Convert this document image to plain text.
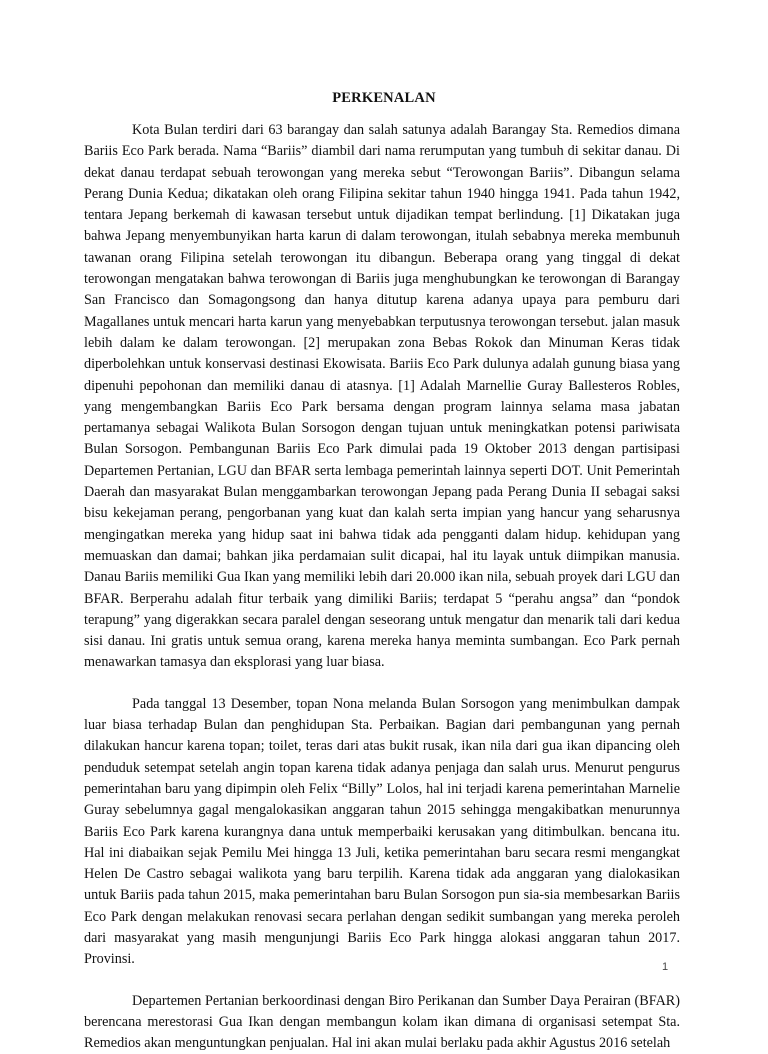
PERKENALAN

Kota Bulan terdiri dari 63 barangay dan salah satunya adalah Barangay Sta. Remedios dimana Bariis Eco Park berada. Nama “Bariis” diambil dari nama rerumputan yang tumbuh di sekitar danau. Di dekat danau terdapat sebuah terowongan yang mereka sebut “Terowongan Bariis”. Dibangun selama Perang Dunia Kedua; dikatakan oleh orang Filipina sekitar tahun 1940 hingga 1941. Pada tahun 1942, tentara Jepang berkemah di kawasan tersebut untuk dijadikan tempat berlindung. [1] Dikatakan juga bahwa Jepang menyembunyikan harta karun di dalam terowongan, itulah sebabnya mereka membunuh tawanan orang Filipina setelah terowongan itu dibangun. Beberapa orang yang tinggal di dekat terowongan mengatakan bahwa terowongan di Bariis juga menghubungkan ke terowongan di Barangay San Francisco dan Somagongsong dan hanya ditutup karena adanya upaya para pemburu dari Magallanes untuk mencari harta karun yang menyebabkan terputusnya terowongan tersebut. jalan masuk lebih dalam ke dalam terowongan. [2] merupakan zona Bebas Rokok dan Minuman Keras tidak diperbolehkan untuk konservasi destinasi Ekowisata. Bariis Eco Park dulunya adalah gunung biasa yang dipenuhi pepohonan dan memiliki danau di atasnya. [1] Adalah Marnellie Guray Ballesteros Robles, yang mengembangkan Bariis Eco Park bersama dengan program lainnya selama masa jabatan pertamanya sebagai Walikota Bulan Sorsogon dengan tujuan untuk meningkatkan potensi pariwisata Bulan Sorsogon. Pembangunan Bariis Eco Park dimulai pada 19 Oktober 2013 dengan partisipasi Departemen Pertanian, LGU dan BFAR serta lembaga pemerintah lainnya seperti DOT. Unit Pemerintah Daerah dan masyarakat Bulan menggambarkan terowongan Jepang pada Perang Dunia II sebagai saksi bisu kekejaman perang, pengorbanan yang kuat dan kalah serta impian yang hancur yang seharusnya mengingatkan mereka yang hidup saat ini bahwa tidak ada pengganti dalam hidup. kehidupan yang memuaskan dan damai; bahkan jika perdamaian sulit dicapai, hal itu layak untuk diimpikan manusia. Danau Bariis memiliki Gua Ikan yang memiliki lebih dari 20.000 ikan nila, sebuah proyek dari LGU dan BFAR. Berperahu adalah fitur terbaik yang dimiliki Bariis; terdapat 5 “perahu angsa” dan “pondok terapung” yang digerakkan secara paralel dengan seseorang untuk mengatur dan menarik tali dari kedua sisi danau. Ini gratis untuk semua orang, karena mereka hanya meminta sumbangan. Eco Park pernah menawarkan tamasya dan eksplorasi yang luar biasa.

Pada tanggal 13 Desember, topan Nona melanda Bulan Sorsogon yang menimbulkan dampak luar biasa terhadap Bulan dan penghidupan Sta. Perbaikan. Bagian dari pembangunan yang pernah dilakukan hancur karena topan; toilet, teras dari atas bukit rusak, ikan nila dari gua ikan dipancing oleh penduduk setempat setelah angin topan karena tidak adanya penjaga dan salah urus. Menurut pengurus pemerintahan baru yang dipimpin oleh Felix “Billy” Lolos, hal ini terjadi karena pemerintahan Marnelie Guray sebelumnya gagal mengalokasikan anggaran tahun 2015 sehingga mengakibatkan menurunnya Bariis Eco Park karena kurangnya dana untuk memperbaiki kerusakan yang ditimbulkan. bencana itu. Hal ini diabaikan sejak Pemilu Mei hingga 13 Juli, ketika pemerintahan baru secara resmi mengangkat Helen De Castro sebagai walikota yang baru terpilih. Karena tidak ada anggaran yang dialokasikan untuk Bariis pada tahun 2015, maka pemerintahan baru Bulan Sorsogon pun sia-sia membesarkan Bariis Eco Park dengan melakukan renovasi secara perlahan dengan sedikit sumbangan yang mereka peroleh dari masyarakat yang masih mengunjungi Bariis Eco Park hingga alokasi anggaran tahun 2017. Provinsi.

Departemen Pertanian berkoordinasi dengan Biro Perikanan dan Sumber Daya Perairan (BFAR) berencana merestorasi Gua Ikan dengan membangun kolam ikan dimana di organisasi setempat Sta. Remedios akan menguntungkan penjualan. Hal ini akan mulai berlaku pada akhir Agustus 2016 setelah

1
